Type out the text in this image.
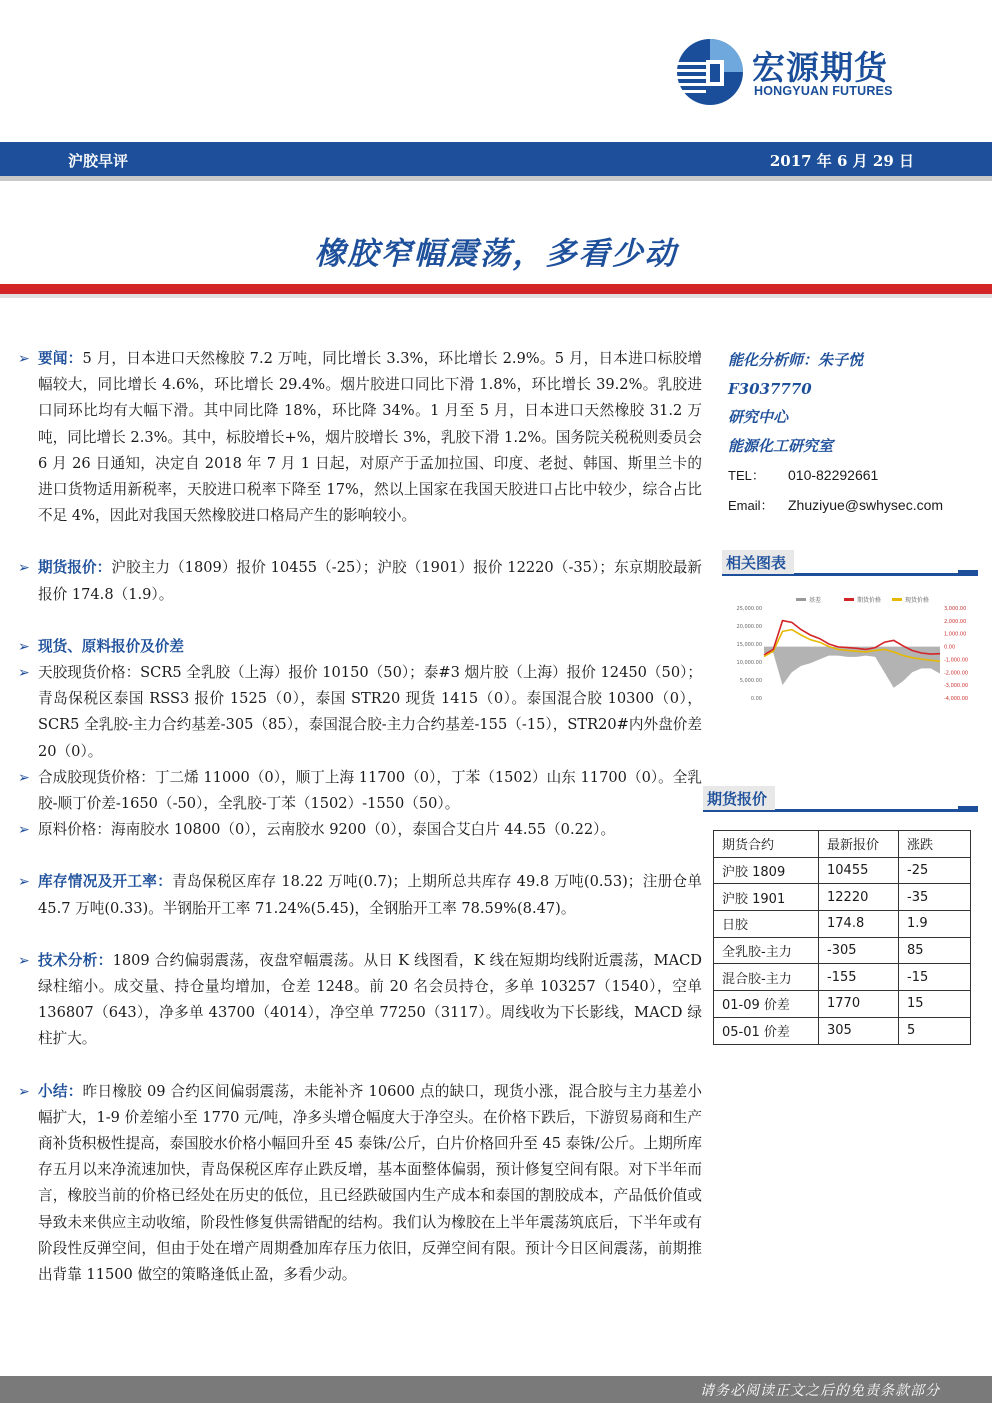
宏源期货
HONGYUAN FUTURES
沪胶早评	2017 年 6 月 29 日
橡胶窄幅震荡，多看少动
➢ 要闻：5 月，日本进口天然橡胶 7.2 万吨，同比增长 3.3%，环比增长 2.9%。5 月，日本进口标胶增幅较大，同比增长 4.6%，环比增长 29.4%。烟片胶进口同比下滑 1.8%，环比增长 39.2%。乳胶进口同环比均有大幅下滑。其中同比降 18%，环比降 34%。1 月至 5 月，日本进口天然橡胶 31.2 万吨，同比增长 2.3%。其中，标胶增长+%，烟片胶增长 3%，乳胶下滑 1.2%。国务院关税税则委员会 6 月 26 日通知，决定自 2018 年 7 月 1 日起，对原产于孟加拉国、印度、老挝、韩国、斯里兰卡的进口货物适用新税率，天胶进口税率下降至 17%，然以上国家在我国天胶进口占比中较少，综合占比不足 4%，因此对我国天然橡胶进口格局产生的影响较小。
➢ 期货报价：沪胶主力（1809）报价 10455（-25）；沪胶（1901）报价 12220（-35）；东京期胶最新报价 174.8（1.9）。
➢ 现货、原料报价及价差
➢ 天胶现货价格：SCR5 全乳胶（上海）报价 10150（50）；泰#3 烟片胶（上海）报价 12450（50）；青岛保税区泰国 RSS3 报价 1525（0），泰国 STR20 现货 1415（0）。泰国混合胶 10300（0），SCR5 全乳胶-主力合约基差-305（85），泰国混合胶-主力合约基差-155（-15），STR20#内外盘价差 20（0）。
➢ 合成胶现货价格：丁二烯 11000（0），顺丁上海 11700（0），丁苯（1502）山东 11700（0）。全乳胶-顺丁价差-1650（-50），全乳胶-丁苯（1502）-1550（50）。
➢ 原料价格：海南胶水 10800（0），云南胶水 9200（0），泰国合艾白片 44.55（0.22）。
➢ 库存情况及开工率：青岛保税区库存 18.22 万吨(0.7)；上期所总共库存 49.8 万吨(0.53)；注册仓单 45.7 万吨(0.33)。半钢胎开工率 71.24%(5.45)，全钢胎开工率 78.59%(8.47)。
➢ 技术分析：1809 合约偏弱震荡，夜盘窄幅震荡。从日 K 线图看，K 线在短期均线附近震荡，MACD 绿柱缩小。成交量、持仓量均增加，仓差 1248。前 20 名会员持仓，多单 103257（1540），空单 136807（643），净多单 43700（4014），净空单 77250（3117）。周线收为下长影线，MACD 绿柱扩大。
➢ 小结：昨日橡胶 09 合约区间偏弱震荡，未能补齐 10600 点的缺口，现货小涨，混合胶与主力基差小幅扩大，1-9 价差缩小至 1770 元/吨，净多头增仓幅度大于净空头。在价格下跌后，下游贸易商和生产商补货积极性提高，泰国胶水价格小幅回升至 45 泰铢/公斤，白片价格回升至 45 泰铢/公斤。上期所库存五月以来净流速加快，青岛保税区库存止跌反增，基本面整体偏弱，预计修复空间有限。对下半年而言，橡胶当前的价格已经处在历史的低位，且已经跌破国内生产成本和泰国的割胶成本，产品低价值或导致未来供应主动收缩，阶段性修复供需错配的结构。我们认为橡胶在上半年震荡筑底后，下半年或有阶段性反弹空间，但由于处在增产周期叠加库存压力依旧，反弹空间有限。预计今日区间震荡，前期推出背靠 11500 做空的策略逢低止盈，多看少动。
能化分析师：朱子悦
F3037770
研究中心
能源化工研究室
TEL： 010-82292661
Email： Zhuziyue@swhysec.com
相关图表
基差	期货价格	现货价格
25,000.00
20,000.00
15,000.00
10,000.00
5,000.00
0.00
3,000.00
2,000.00
1,000.00
0.00
-1,000.00
-2,000.00
-3,000.00
-4,000.00
期货报价
期货合约	最新报价	涨跌
沪胶 1809	10455	-25
沪胶 1901	12220	-35
日胶	174.8	1.9
全乳胶-主力	-305	85
混合胶-主力	-155	-15
01-09 价差	1770	15
05-01 价差	305	5
请务必阅读正文之后的免责条款部分
